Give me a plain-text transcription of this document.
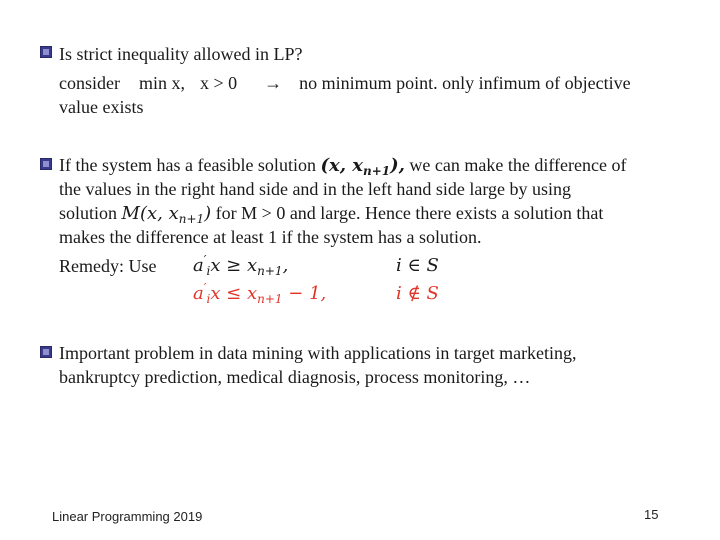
Is strict inequality allowed in LP?
consider min x, x > 0 → no minimum point. only infimum of objective
value exists
If the system has a feasible solution (x, $x_{n+1}$), we can make the difference of
the values in the right hand side and in the left hand side large by using
solution M(x, $x_{n+1}$) for M > 0 and large. Hence there exists a solution that
makes the difference at least 1 if the system has a solution.
Remedy: Use $a'_ix \ge x_{n+1}$,	i ∈ S
$a'_ix \le x_{n+1} - 1$,	i ∉ S
Important problem in data mining with applications in target marketing,
bankruptcy prediction, medical diagnosis, process monitoring, …
Linear Programming 2019	15
